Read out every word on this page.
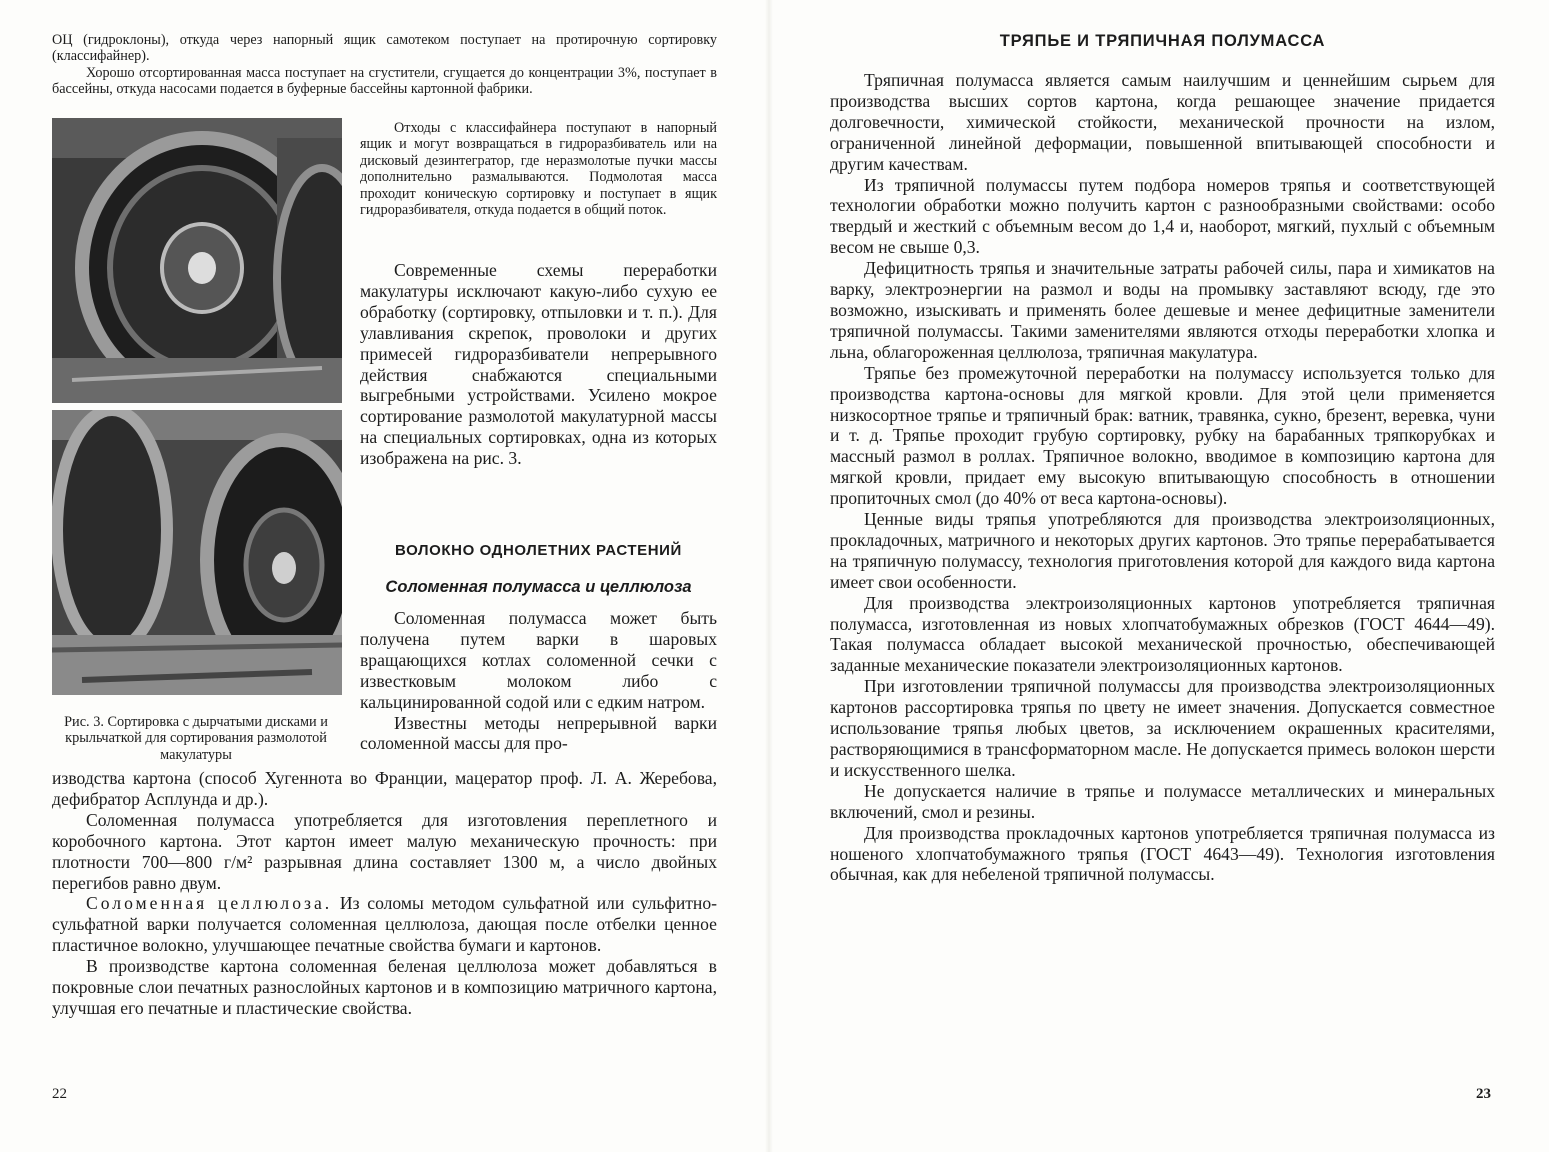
ОЦ (гидроклоны), откуда через напорный ящик самотеком поступает на протирочную сортировку (классифайнер).

Хорошо отсортированная масса поступает на сгустители, сгущается до концентрации 3%, поступает в бассейны, откуда насосами подается в буферные бассейны картонной фабрики.

Отходы с классифайнера поступают в напорный ящик и могут возвращаться в гидроразбиватель или на дисковый дезинтегратор, где неразмолотые пучки массы дополнительно размалываются. Подмолотая масса проходит коническую сортировку и поступает в ящик гидроразбивателя, откуда подается в общий поток.

Современные схемы переработки макулатуры исключают какую-либо сухую ее обработку (сортировку, отпыловки и т. п.). Для улавливания скрепок, проволоки и других примесей гидроразбиватели непрерывного действия снабжаются специальными выгребными устройствами. Усилено мокрое сортирование размолотой макулатурной массы на специальных сортировках, одна из которых изображена на рис. 3.

ВОЛОКНО ОДНОЛЕТНИХ РАСТЕНИЙ
Соломенная полумасса и целлюлоза

Соломенная полумасса может быть получена путем варки в шаровых вращающихся котлах соломенной сечки с известковым молоком либо с кальцинированной содой или с едким натром.

Известны методы непрерывной варки соломенной массы для про-

Рис. 3. Сортировка с дырчатыми дисками и крыльчаткой для сортирования размолотой макулатуры

изводства картона (способ Хугеннота во Франции, мацератор проф. Л. А. Жеребова, дефибратор Асплунда и др.).

Соломенная полумасса употребляется для изготовления переплетного и коробочного картона. Этот картон имеет малую механическую прочность: при плотности 700—800 г/м² разрывная длина составляет 1300 м, а число двойных перегибов равно двум.

Соломенная целлюлоза. Из соломы методом сульфатной или сульфитно-сульфатной варки получается соломенная целлюлоза, дающая после отбелки ценное пластичное волокно, улучшающее печатные свойства бумаги и картонов.

В производстве картона соломенная беленая целлюлоза может добавляться в покровные слои печатных разнослойных картонов и в композицию матричного картона, улучшая его печатные и пластические свойства.

22
ТРЯПЬЕ И ТРЯПИЧНАЯ ПОЛУМАССА

Тряпичная полумасса является самым наилучшим и ценнейшим сырьем для производства высших сортов картона, когда решающее значение придается долговечности, химической стойкости, механической прочности на излом, ограниченной линейной деформации, повышенной впитывающей способности и другим качествам.

Из тряпичной полумассы путем подбора номеров тряпья и соответствующей технологии обработки можно получить картон с разнообразными свойствами: особо твердый и жесткий с объемным весом до 1,4 и, наоборот, мягкий, пухлый с объемным весом не свыше 0,3.

Дефицитность тряпья и значительные затраты рабочей силы, пара и химикатов на варку, электроэнергии на размол и воды на промывку заставляют всюду, где это возможно, изыскивать и применять более дешевые и менее дефицитные заменители тряпичной полумассы. Такими заменителями являются отходы переработки хлопка и льна, облагороженная целлюлоза, тряпичная макулатура.

Тряпье без промежуточной переработки на полумассу используется только для производства картона-основы для мягкой кровли. Для этой цели применяется низкосортное тряпье и тряпичный брак: ватник, травянка, сукно, брезент, веревка, чуни и т. д. Тряпье проходит грубую сортировку, рубку на барабанных тряпкорубках и массный размол в роллах. Тряпичное волокно, вводимое в композицию картона для мягкой кровли, придает ему высокую впитывающую способность в отношении пропиточных смол (до 40% от веса картона-основы).

Ценные виды тряпья употребляются для производства электроизоляционных, прокладочных, матричного и некоторых других картонов. Это тряпье перерабатывается на тряпичную полумассу, технология приготовления которой для каждого вида картона имеет свои особенности.

Для производства электроизоляционных картонов употребляется тряпичная полумасса, изготовленная из новых хлопчатобумажных обрезков (ГОСТ 4644—49). Такая полумасса обладает высокой механической прочностью, обеспечивающей заданные механические показатели электроизоляционных картонов.

При изготовлении тряпичной полумассы для производства электроизоляционных картонов рассортировка тряпья по цвету не имеет значения. Допускается совместное использование тряпья любых цветов, за исключением окрашенных красителями, растворяющимися в трансформаторном масле. Не допускается примесь волокон шерсти и искусственного шелка.

Не допускается наличие в тряпье и полумассе металлических и минеральных включений, смол и резины.

Для производства прокладочных картонов употребляется тряпичная полумасса из ношеного хлопчатобумажного тряпья (ГОСТ 4643—49). Технология изготовления обычная, как для небеленой тряпичной полумассы.

23
